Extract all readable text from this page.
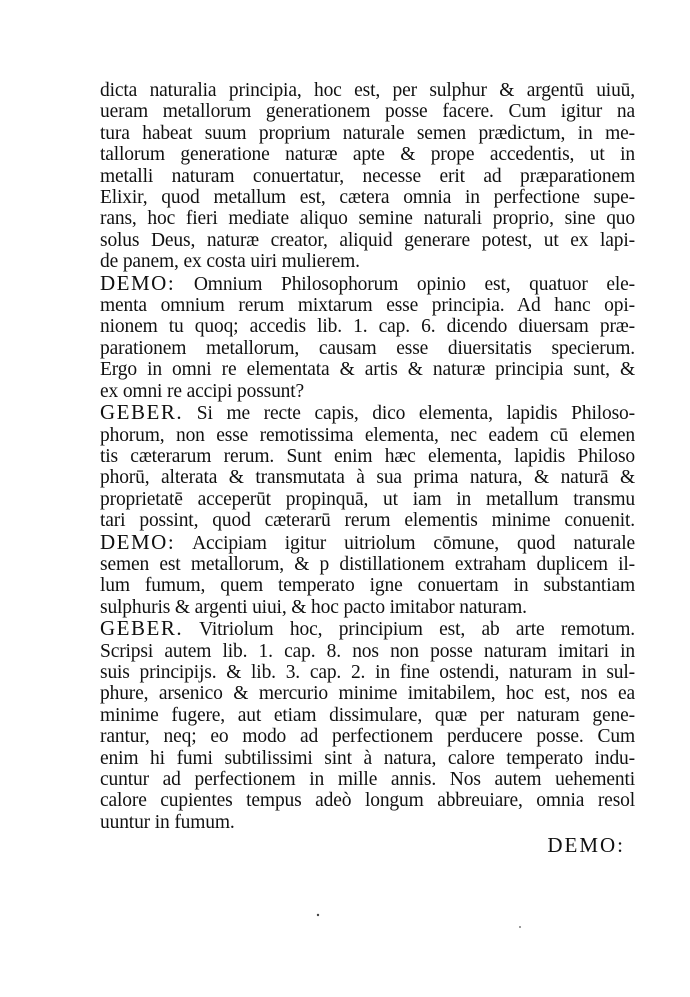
dicta naturalia principia, hoc est, per sulphur & argentū uiuū,
ueram metallorum generationem posse facere. Cum igitur na
tura habeat suum proprium naturale semen prædictum, in me-
tallorum generatione naturæ apte & prope accedentis, ut in
metalli naturam conuertatur, necesse erit ad præparationem
Elixir, quod metallum est, cætera omnia in perfectione supe-
rans, hoc fieri mediate aliquo semine naturali proprio, sine quo
solus Deus, naturæ creator, aliquid generare potest, ut ex lapi-
de panem, ex costa uiri mulierem.
DEMO: Omnium Philosophorum opinio est, quatuor ele-
menta omnium rerum mixtarum esse principia. Ad hanc opi-
nionem tu quoq; accedis lib. 1. cap. 6. dicendo diuersam præ-
parationem metallorum, causam esse diuersitatis specierum.
Ergo in omni re elementata & artis & naturæ principia sunt, &
ex omni re accipi possunt?
GEBER. Si me recte capis, dico elementa, lapidis Philoso-
phorum, non esse remotissima elementa, nec eadem cū elemen
tis cæterarum rerum. Sunt enim hæc elementa, lapidis Philoso
phorū, alterata & transmutata à sua prima natura, & naturā &
proprietatē acceperūt propinquā, ut iam in metallum transmu
tari possint, quod cæterarū rerum elementis minime conuenit.
DEMO: Accipiam igitur uitriolum cōmune, quod naturale
semen est metallorum, & p distillationem extraham duplicem il-
lum fumum, quem temperato igne conuertam in substantiam
sulphuris & argenti uiui, & hoc pacto imitabor naturam.
GEBER. Vitriolum hoc, principium est, ab arte remotum.
Scripsi autem lib. 1. cap. 8. nos non posse naturam imitari in
suis principijs. & lib. 3. cap. 2. in fine ostendi, naturam in sul-
phure, arsenico & mercurio minime imitabilem, hoc est, nos ea
minime fugere, aut etiam dissimulare, quæ per naturam gene-
rantur, neq; eo modo ad perfectionem perducere posse. Cum
enim hi fumi subtilissimi sint à natura, calore temperato indu-
cuntur ad perfectionem in mille annis. Nos autem uehementi
calore cupientes tempus adeò longum abbreuiare, omnia resol
uuntur in fumum.
DEMO:
